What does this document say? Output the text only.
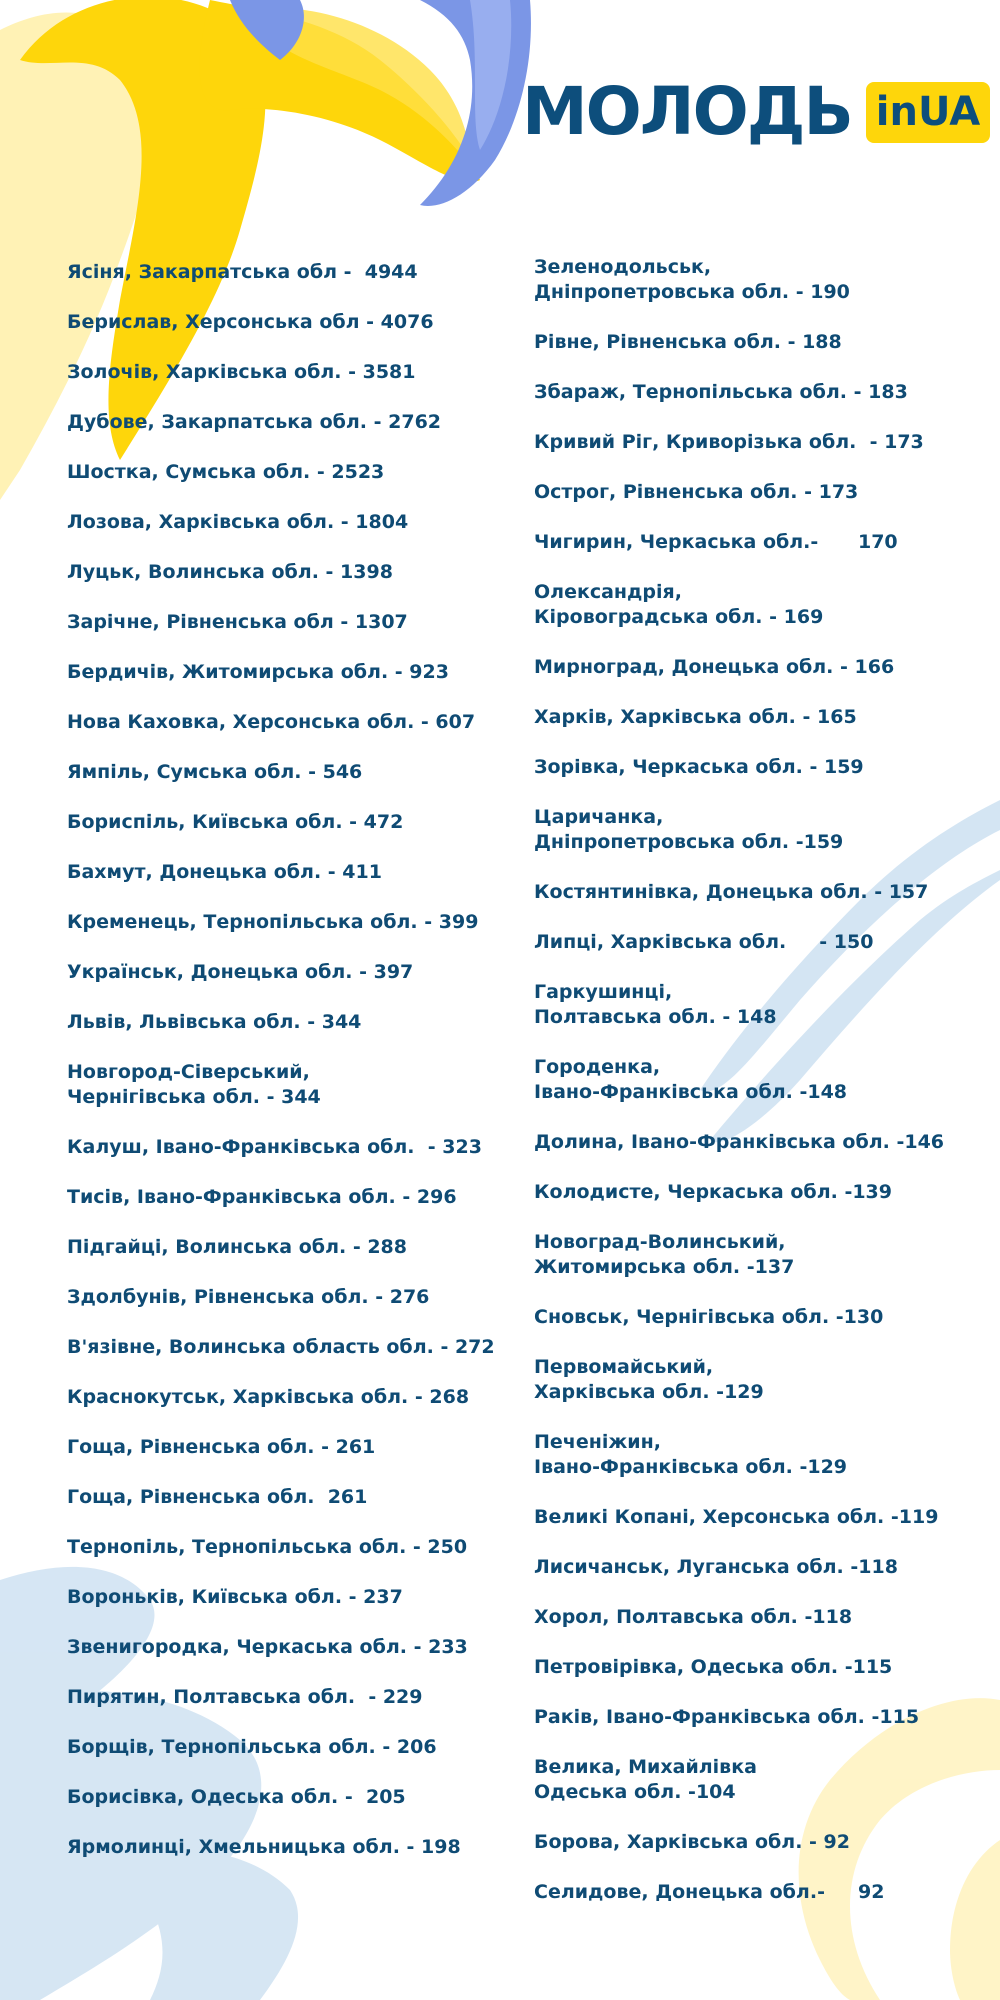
МОЛОДЬ inUA
Ясіня, Закарпатська обл -  4944
Берислав, Херсонська обл - 4076
Золочів, Харківська обл. - 3581
Дубове, Закарпатська обл. - 2762
Шостка, Сумська обл. - 2523
Лозова, Харківська обл. - 1804
Луцьк, Волинська обл. - 1398
Зарічне, Рівненська обл - 1307
Бердичів, Житомирська обл. - 923
Нова Каховка, Херсонська обл. - 607
Ямпіль, Сумська обл. - 546
Бориспіль, Київська обл. - 472
Бахмут, Донецька обл. - 411
Кременець, Тернопільська обл. - 399
Українськ, Донецька обл. - 397
Львів, Львівська обл. - 344
Новгород-Сіверський,
Чернігівська обл. - 344
Калуш, Івано-Франківська обл.  - 323
Тисів, Івано-Франківська обл. - 296
Підгайці, Волинська обл. - 288
Здолбунів, Рівненська обл. - 276
В'язівне, Волинська область обл. - 272
Краснокутськ, Харківська обл. - 268
Гоща, Рівненська обл. - 261
Гоща, Рівненська обл.  261
Тернопіль, Тернопільська обл. - 250
Вороньків, Київська обл. - 237
Звенигородка, Черкаська обл. - 233
Пирятин, Полтавська обл.  - 229
Борщів, Тернопільська обл. - 206
Борисівка, Одеська обл. -  205
Ярмолинці, Хмельницька обл. - 198
Зеленодольськ,
Дніпропетровська обл. - 190
Рівне, Рівненська обл. - 188
Збараж, Тернопільська обл. - 183
Кривий Ріг, Криворізька обл.  - 173
Острог, Рівненська обл. - 173
Чигирин, Черкаська обл.-      170
Олександрія,
Кіровоградська обл. - 169
Мирноград, Донецька обл. - 166
Харків, Харківська обл. - 165
Зорівка, Черкаська обл. - 159
Царичанка,
Дніпропетровська обл. -159
Костянтинівка, Донецька обл. - 157
Липці, Харківська обл.     - 150
Гаркушинці,
Полтавська обл. - 148
Городенка,
Івано-Франківська обл. -148
Долина, Івано-Франківська обл. -146
Колодисте, Черкаська обл. -139
Новоград-Волинський,
Житомирська обл. -137
Сновськ, Чернігівська обл. -130
Первомайський,
Харківська обл. -129
Печеніжин,
Івано-Франківська обл. -129
Великі Копані, Херсонська обл. -119
Лисичанськ, Луганська обл. -118
Хорол, Полтавська обл. -118
Петровірівка, Одеська обл. -115
Раків, Івано-Франківська обл. -115
Велика, Михайлівка
Одеська обл. -104
Борова, Харківська обл. - 92
Селидове, Донецька обл.-     92
